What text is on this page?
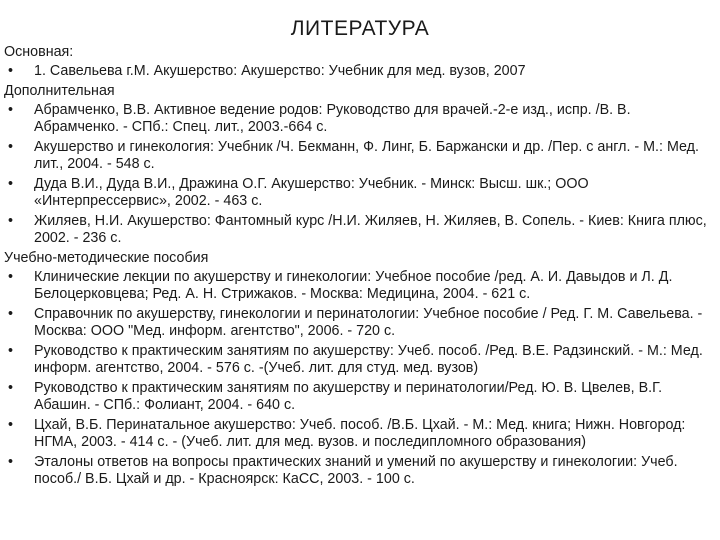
ЛИТЕРАТУРА
Основная:
•	1. Савельева г.М. Акушерство: Акушерство: Учебник для мед. вузов, 2007
Дополнительная
•	Абрамченко, В.В. Активное ведение родов: Руководство для врачей.-2-е изд., испр. /В. В. Абрамченко. - СПб.: Спец. лит., 2003.-664 с.
•	Акушерство и гинекология: Учебник /Ч. Бекманн, Ф. Линг, Б. Баржански и др. /Пер. с англ. - М.: Мед. лит., 2004. - 548 с.
•	Дуда В.И., Дуда В.И., Дражина О.Г. Акушерство: Учебник. - Минск: Высш. шк.; ООО «Интерпрессервис», 2002. - 463 с.
•	Жиляев, Н.И. Акушерство: Фантомный курс /Н.И. Жиляев, Н. Жиляев, В. Сопель. - Киев: Книга плюс, 2002. - 236 с.
Учебно-методические пособия
•	Клинические лекции по акушерству и гинекологии: Учебное пособие /ред. А. И. Давыдов и Л. Д. Белоцерковцева; Ред. А. Н. Стрижаков. - Москва: Медицина, 2004. - 621 с.
•	Справочник по акушерству, гинекологии и перинатологии: Учебное пособие / Ред. Г. М. Савельева. - Москва: ООО "Мед. информ. агентство", 2006. - 720 с.
•	Руководство к практическим занятиям по акушерству: Учеб. пособ. /Ред. В.Е. Радзинский. - М.: Мед. информ. агентство, 2004. - 576 с. -(Учеб. лит. для студ. мед. вузов)
•	Руководство к практическим занятиям по акушерству и перинатологии/Ред. Ю. В. Цвелев, В.Г. Абашин. - СПб.: Фолиант, 2004. - 640 с.
•	Цхай, В.Б. Перинатальное акушерство: Учеб. пособ. /В.Б. Цхай. - М.: Мед. книга; Нижн. Новгород: НГМА, 2003. - 414 с. - (Учеб. лит. для мед. вузов. и последипломного образования)
•	Эталоны ответов на вопросы практических знаний и умений по акушерству и гинекологии: Учеб. пособ./ В.Б. Цхай и др. - Красноярск: КаСС, 2003. - 100 с.
